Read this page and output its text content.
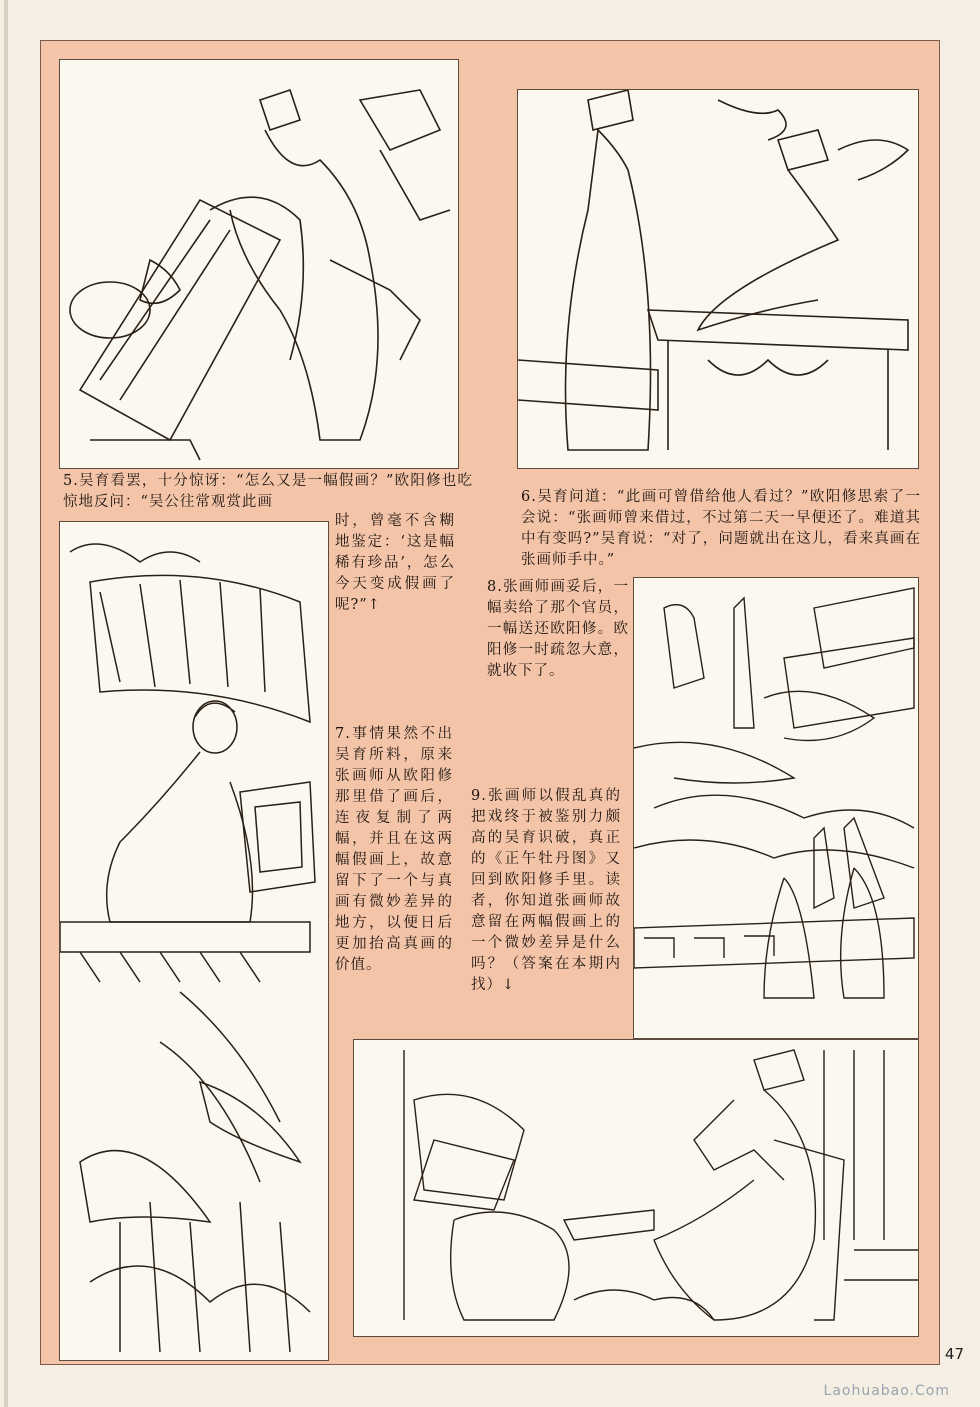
5.吴育看罢，十分惊讶：“怎么又是一幅假画？”欧阳修也吃惊地反问：“吴公往常观赏此画	6.吴育问道：“此画可曾借给他人看过？”欧阳修思索了一会说：“张画师曾来借过，不过第二天一早便还了。难道其中有变吗?”吴育说：“对了，问题就出在这儿，看来真画在张画师手中。”
时，曾毫不含糊地鉴定：‘这是幅稀有珍品’，怎么今天变成假画了呢?”↑
7.事情果然不出吴育所料，原来张画师从欧阳修那里借了画后，连夜复制了两幅，并且在这两幅假画上，故意留下了一个与真画有微妙差异的地方，以便日后更加抬高真画的价值。
8.张画师画妥后，一幅卖给了那个官员，一幅送还欧阳修。欧阳修一时疏忽大意，就收下了。
9.张画师以假乱真的把戏终于被鉴别力颇高的吴育识破，真正的《正午牡丹图》又回到欧阳修手里。读者，你知道张画师故意留在两幅假画上的一个微妙差异是什么吗？（答案在本期内找）↓
47
Laohuabao.Com
